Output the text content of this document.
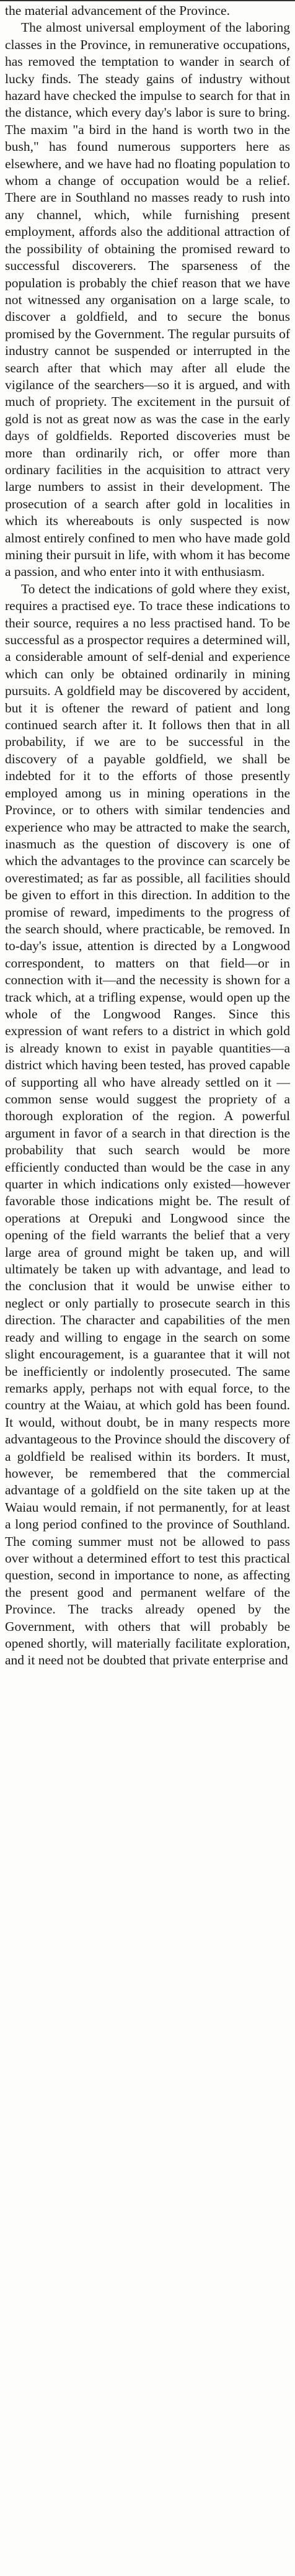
the material advancement of the Province.

The almost universal employment of the laboring classes in the Province, in remunerative occupations, has removed the temptation to wander in search of lucky finds. The steady gains of industry without hazard have checked the impulse to search for that in the distance, which every day's labor is sure to bring. The maxim "a bird in the hand is worth two in the bush," has found numerous supporters here as elsewhere, and we have had no floating population to whom a change of occupation would be a relief. There are in Southland no masses ready to rush into any channel, which, while furnishing present employment, affords also the additional attraction of the possibility of obtaining the promised reward to successful discoverers. The sparseness of the population is probably the chief reason that we have not witnessed any organisation on a large scale, to discover a goldfield, and to secure the bonus promised by the Government. The regular pursuits of industry cannot be suspended or interrupted in the search after that which may after all elude the vigilance of the searchers—so it is argued, and with much of propriety. The excitement in the pursuit of gold is not as great now as was the case in the early days of goldfields. Reported discoveries must be more than ordinarily rich, or offer more than ordinary facilities in the acquisition to attract very large numbers to assist in their development. The prosecution of a search after gold in localities in which its whereabouts is only suspected is now almost entirely confined to men who have made gold mining their pursuit in life, with whom it has become a passion, and who enter into it with enthusiasm.

To detect the indications of gold where they exist, requires a practised eye. To trace these indications to their source, requires a no less practised hand. To be successful as a prospector requires a determined will, a considerable amount of self-denial and experience which can only be obtained ordinarily in mining pursuits. A goldfield may be discovered by accident, but it is oftener the reward of patient and long continued search after it. It follows then that in all probability, if we are to be successful in the discovery of a payable goldfield, we shall be indebted for it to the efforts of those presently employed among us in mining operations in the Province, or to others with similar tendencies and experience who may be attracted to make the search, inasmuch as the question of discovery is one of which the advantages to the province can scarcely be overestimated; as far as possible, all facilities should be given to effort in this direction. In addition to the promise of reward, impediments to the progress of the search should, where practicable, be removed. In to-day's issue, attention is directed by a Longwood correspondent, to matters on that field—or in connection with it—and the necessity is shown for a track which, at a trifling expense, would open up the whole of the Longwood Ranges. Since this expression of want refers to a district in which gold is already known to exist in payable quantities—a district which having been tested, has proved capable of supporting all who have already settled on it — common sense would suggest the propriety of a thorough exploration of the region. A powerful argument in favor of a search in that direction is the probability that such search would be more efficiently conducted than would be the case in any quarter in which indications only existed—however favorable those indications might be. The result of operations at Orepuki and Longwood since the opening of the field warrants the belief that a very large area of ground might be taken up, and will ultimately be taken up with advantage, and lead to the conclusion that it would be unwise either to neglect or only partially to prosecute search in this direction. The character and capabilities of the men ready and willing to engage in the search on some slight encouragement, is a guarantee that it will not be inefficiently or indolently prosecuted. The same remarks apply, perhaps not with equal force, to the country at the Waiau, at which gold has been found. It would, without doubt, be in many respects more advantageous to the Province should the discovery of a goldfield be realised within its borders. It must, however, be remembered that the commercial advantage of a goldfield on the site taken up at the Waiau would remain, if not permanently, for at least a long period confined to the province of Southland. The coming summer must not be allowed to pass over without a determined effort to test this practical question, second in importance to none, as affecting the present good and permanent welfare of the Province. The tracks already opened by the Government, with others that will probably be opened shortly, will materially facilitate exploration, and it need not be doubted that private enterprise and
